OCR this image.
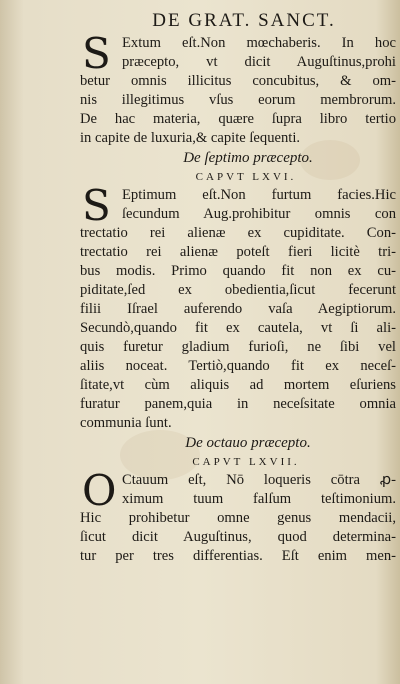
DE GRAT. SANCT.
S Extum eſt.Non mœchaberis. In hoc
præcepto, vt dicit Auguſtinus,prohi
betur omnis illicitus concubitus, & om-
nis illegitimus vſus eorum membrorum.
De hac materia, quære ſupra libro tertio
in capite de luxuria,& capite ſequenti.
De ſeptimo præcepto.
CAPVT LXVI.
S Eptimum eſt.Non furtum facies.Hic
ſecundum Aug.prohibitur omnis con
trectatio rei alienæ ex cupiditate. Con-
trectatio rei alienæ poteſt fieri licitè tri-
bus modis. Primo quando fit non ex cu-
piditate,ſed ex obedientia,ſicut fecerunt
filii Iſrael auferendo vaſa Aegiptiorum.
Secundò,quando fit ex cautela, vt ſi ali-
quis furetur gladium furioſi, ne ſibi vel
aliis noceat. Tertiò,quando fit ex neceſ-
ſitate,vt cùm aliquis ad mortem eſuriens
furatur panem,quia in neceſsitate omnia
communia ſunt.
De octauo præcepto.
CAPVT LXVII.
O Ctauum eſt, Nō loqueris cōtra ꝓ-
ximum tuum falſum teſtimonium.
Hic prohibetur omne genus mendacii,
ſicut dicit Auguſtinus, quod determina-
tur per tres differentias. Eſt enim men-
